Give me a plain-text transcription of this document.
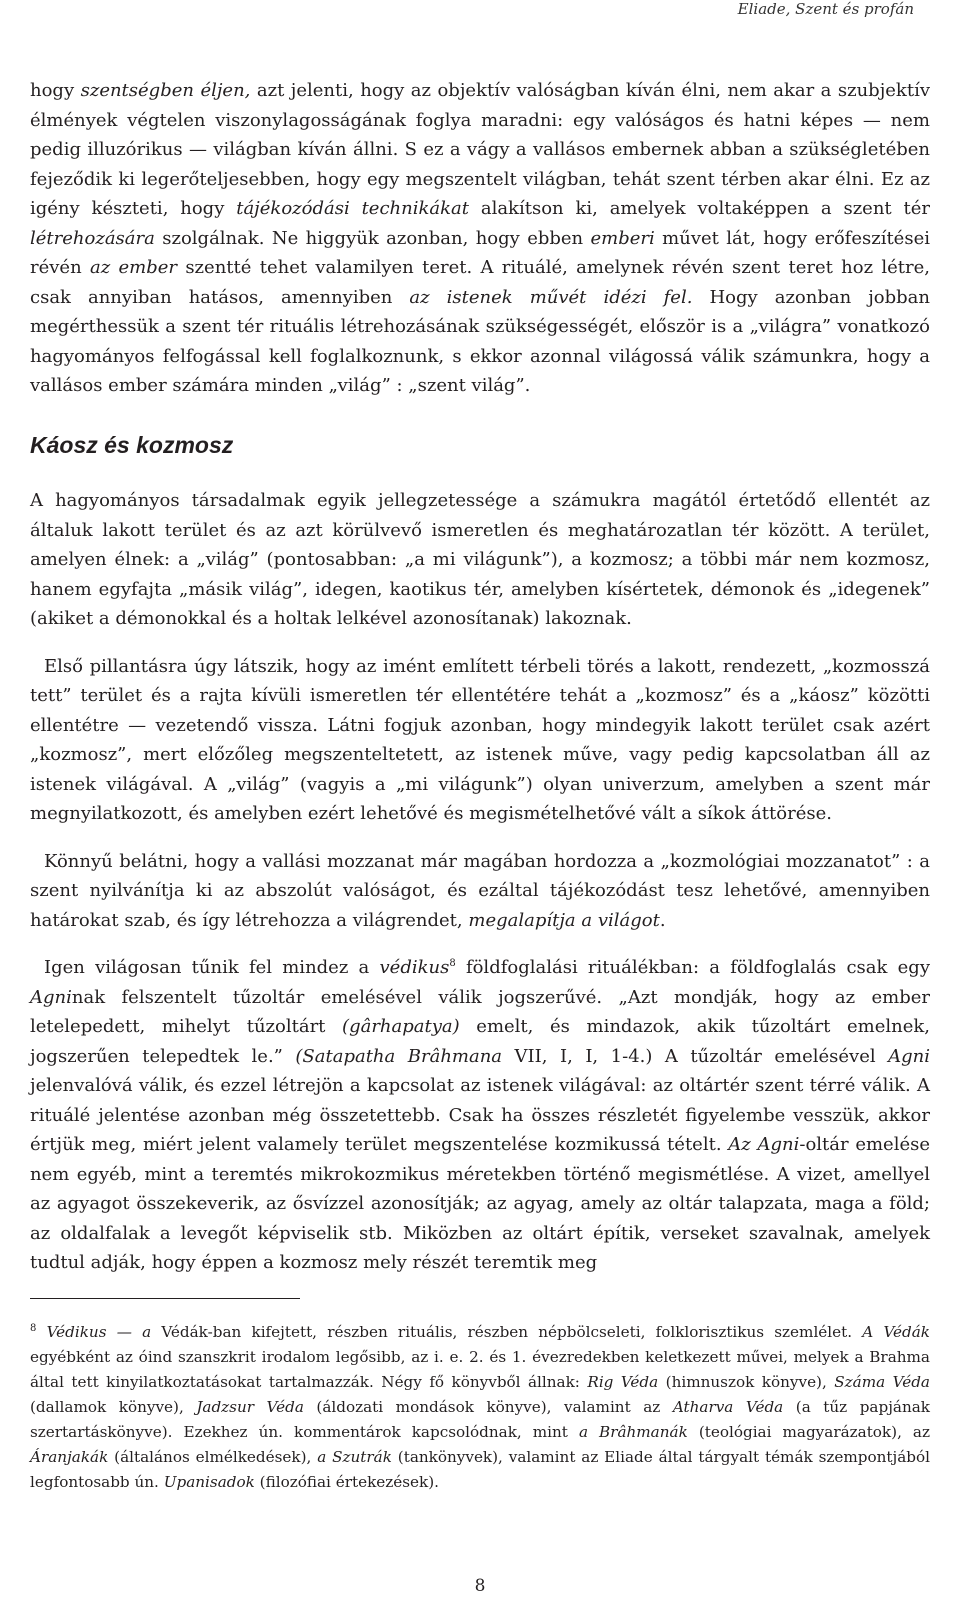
Eliade, Szent és profán

hogy szentségben éljen, azt jelenti, hogy az objektív valóságban kíván élni, nem akar a szubjektív élmények végtelen viszonylagosságának foglya maradni: egy valóságos és hatni képes — nem pedig illuzórikus — világban kíván állni. S ez a vágy a vallásos embernek abban a szükségletében fejeződik ki legerőteljesebben, hogy egy megszentelt világban, tehát szent térben akar élni. Ez az igény készteti, hogy tájékozódási technikákat alakítson ki, amelyek voltaképpen a szent tér létrehozására szolgálnak. Ne higgyük azonban, hogy ebben emberi művet lát, hogy erőfeszítései révén az ember szentté tehet valamilyen teret. A rituálé, amelynek révén szent teret hoz létre, csak annyiban hatásos, amennyiben az istenek művét idézi fel. Hogy azonban jobban megérthessük a szent tér rituális létrehozásának szükségességét, először is a „világra” vonatkozó hagyományos felfogással kell foglalkoznunk, s ekkor azonnal világossá válik számunkra, hogy a vallásos ember számára minden „világ” : „szent világ”.

Káosz és kozmosz

A hagyományos társadalmak egyik jellegzetessége a számukra magától értetődő ellentét az általuk lakott terület és az azt körülvevő ismeretlen és meghatározatlan tér között. A terület, amelyen élnek: a „világ” (pontosabban: „a mi világunk”), a kozmosz; a többi már nem kozmosz, hanem egyfajta „másik világ”, idegen, kaotikus tér, amelyben kísértetek, démonok és „idegenek” (akiket a démonokkal és a holtak lelkével azonosítanak) lakoznak.

Első pillantásra úgy látszik, hogy az imént említett térbeli törés a lakott, rendezett, „kozmosszá tett” terület és a rajta kívüli ismeretlen tér ellentétére tehát a „kozmosz” és a „káosz” közötti ellentétre — vezetendő vissza. Látni fogjuk azonban, hogy mindegyik lakott terület csak azért „kozmosz”, mert előzőleg megszenteltetett, az istenek műve, vagy pedig kapcsolatban áll az istenek világával. A „világ” (vagyis a „mi világunk”) olyan univerzum, amelyben a szent már megnyilatkozott, és amelyben ezért lehetővé és megismételhetővé vált a síkok áttörése.

Könnyű belátni, hogy a vallási mozzanat már magában hordozza a „kozmológiai mozzanatot” : a szent nyilvánítja ki az abszolút valóságot, és ezáltal tájékozódást tesz lehetővé, amennyiben határokat szab, és így létrehozza a világrendet, megalapítja a világot.

Igen világosan tűnik fel mindez a védikus$^8$ földfoglalási rituálékban: a földfoglalás csak egy Agninak felszentelt tűzoltár emelésével válik jogszerűvé. „Azt mondják, hogy az ember letelepedett, mihelyt tűzoltárt (gârhapatya) emelt, és mindazok, akik tűzoltárt emelnek, jogszerűen telepedtek le.” (Satapatha Brâhmana VII, I, I, 1-4.) A tűzoltár emelésével Agni jelenvalóvá válik, és ezzel létrejön a kapcsolat az istenek világával: az oltártér szent térré válik. A rituálé jelentése azonban még összetettebb. Csak ha összes részletét figyelembe vesszük, akkor értjük meg, miért jelent valamely terület megszentelése kozmikussá tételt. Az Agni-oltár emelése nem egyéb, mint a teremtés mikrokozmikus méretekben történő megismétlése. A vizet, amellyel az agyagot összekeverik, az ősvízzel azonosítják; az agyag, amely az oltár talapzata, maga a föld; az oldalfalak a levegőt képviselik stb. Miközben az oltárt építik, verseket szavalnak, amelyek tudtul adják, hogy éppen a kozmosz mely részét teremtik meg

$^8$ Védikus — a Védák-ban kifejtett, részben rituális, részben népbölcseleti, folklorisztikus szemlélet. A Védák egyébként az óind szanszkrit irodalom legősibb, az i. e. 2. és 1. évezredekben keletkezett művei, melyek a Brahma által tett kinyilatkoztatásokat tartalmazzák. Négy fő könyvből állnak: Rig Véda (himnuszok könyve), Száma Véda (dallamok könyve), Jadzsur Véda (áldozati mondások könyve), valamint az Atharva Véda (a tűz papjának szertartáskönyve). Ezekhez ún. kommentárok kapcsolódnak, mint a Brâhmanák (teológiai magyarázatok), az Áranjakák (általános elmélkedések), a Szutrák (tankönyvek), valamint az Eliade által tárgyalt témák szempontjából legfontosabb ún. Upanisadok (filozófiai értekezések).
8
